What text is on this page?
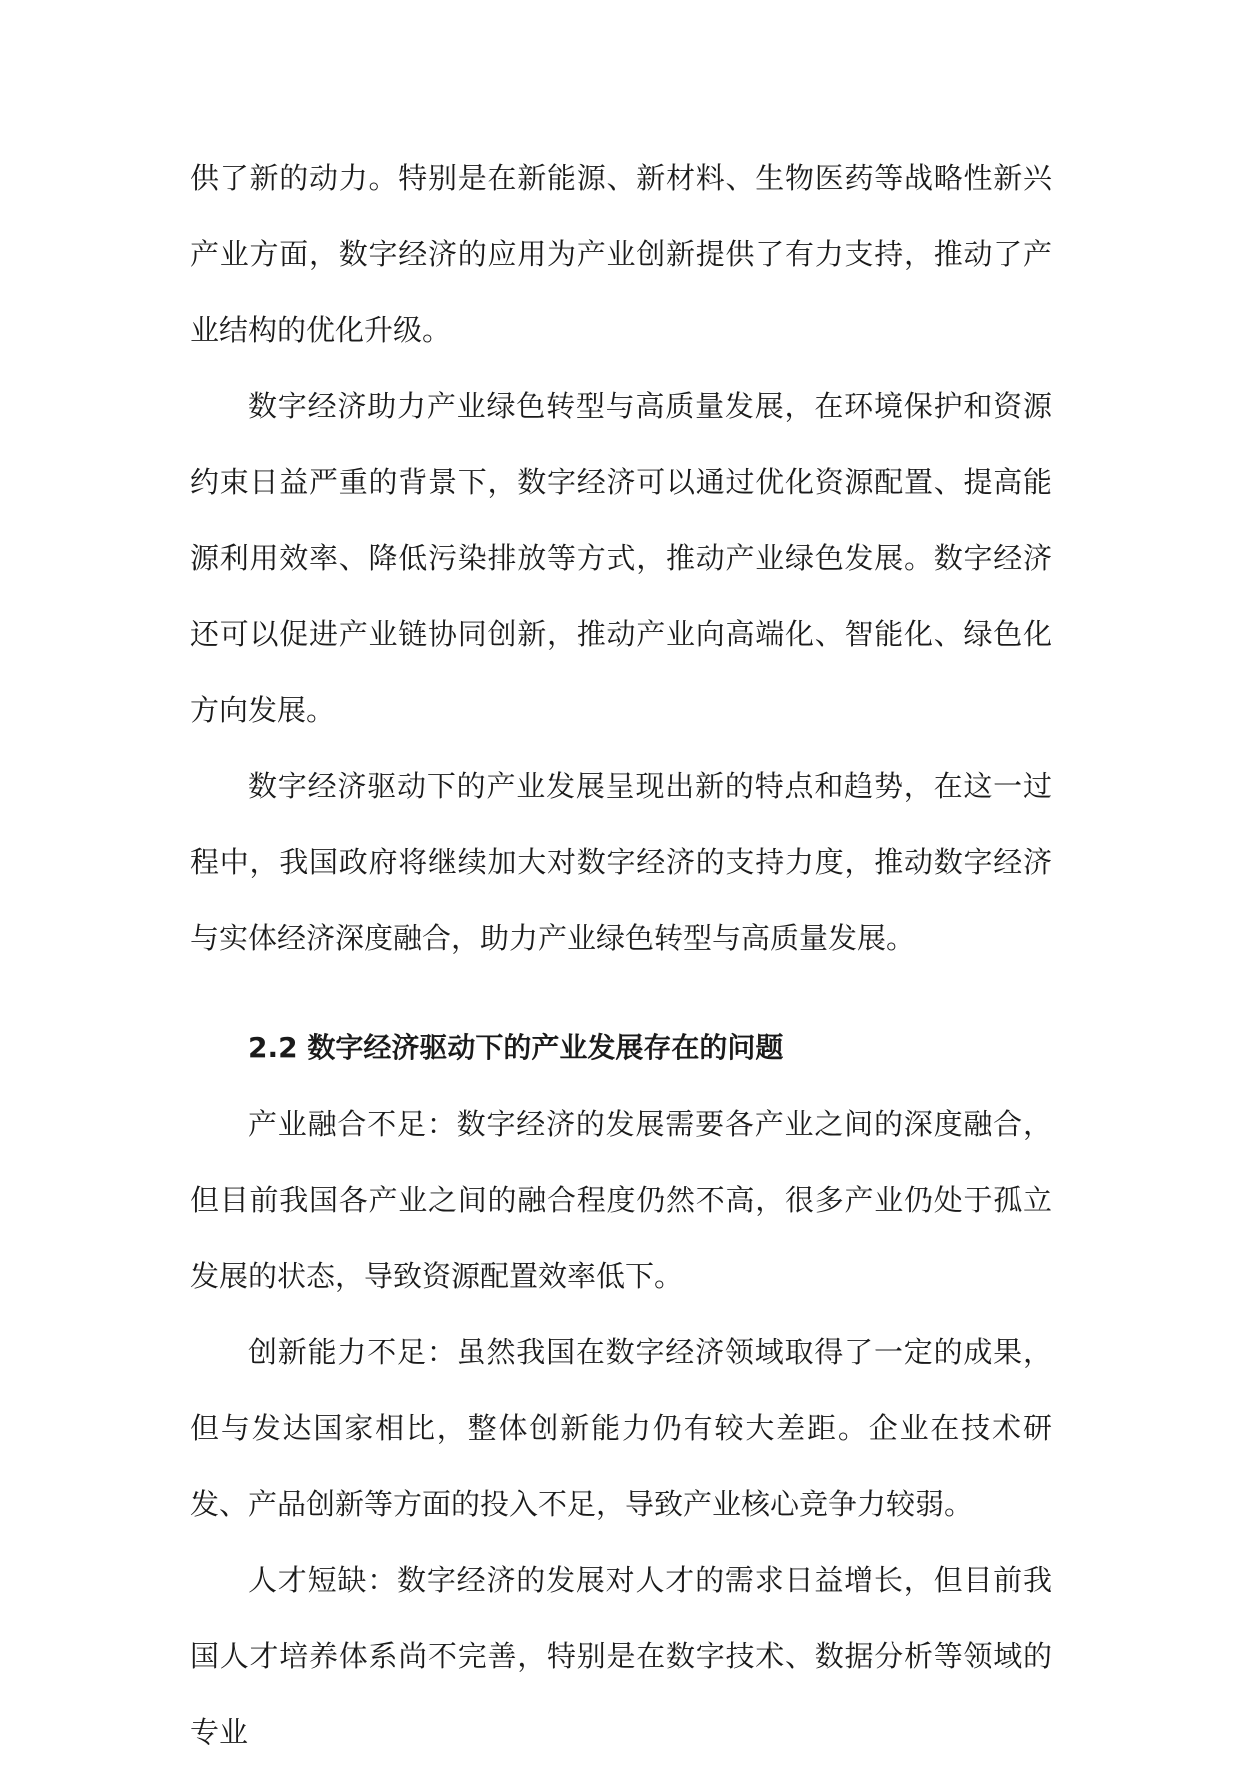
供了新的动力。特别是在新能源、新材料、生物医药等战略性新兴产业方面，数字经济的应用为产业创新提供了有力支持，推动了产业结构的优化升级。

数字经济助力产业绿色转型与高质量发展，在环境保护和资源约束日益严重的背景下，数字经济可以通过优化资源配置、提高能源利用效率、降低污染排放等方式，推动产业绿色发展。数字经济还可以促进产业链协同创新，推动产业向高端化、智能化、绿色化方向发展。

数字经济驱动下的产业发展呈现出新的特点和趋势，在这一过程中，我国政府将继续加大对数字经济的支持力度，推动数字经济与实体经济深度融合，助力产业绿色转型与高质量发展。

2.2 数字经济驱动下的产业发展存在的问题

产业融合不足：数字经济的发展需要各产业之间的深度融合，但目前我国各产业之间的融合程度仍然不高，很多产业仍处于孤立发展的状态，导致资源配置效率低下。

创新能力不足：虽然我国在数字经济领域取得了一定的成果，但与发达国家相比，整体创新能力仍有较大差距。企业在技术研发、产品创新等方面的投入不足，导致产业核心竞争力较弱。

人才短缺：数字经济的发展对人才的需求日益增长，但目前我国人才培养体系尚不完善，特别是在数字技术、数据分析等领域的专业
